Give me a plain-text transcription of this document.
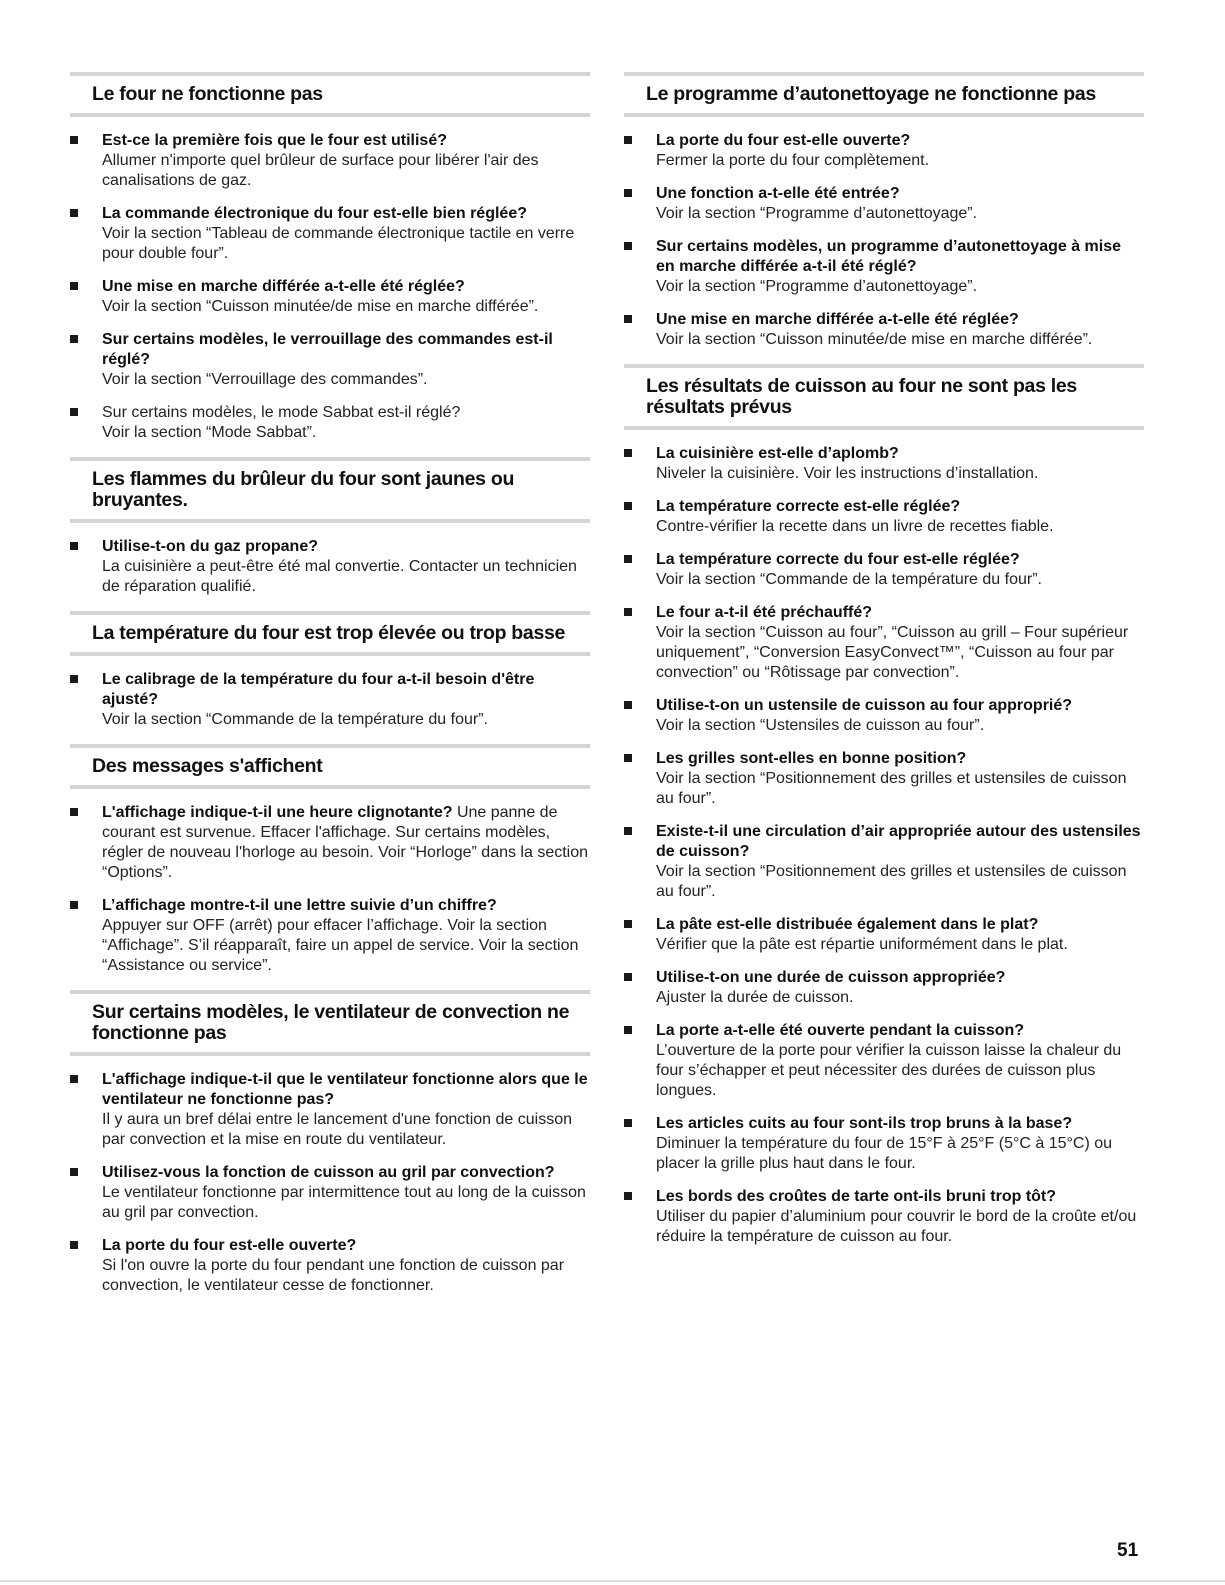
Le four ne fonctionne pas
Est-ce la première fois que le four est utilisé?
Allumer n'importe quel brûleur de surface pour libérer l'air des canalisations de gaz.
La commande électronique du four est-elle bien réglée?
Voir la section “Tableau de commande électronique tactile en verre pour double four”.
Une mise en marche différée a-t-elle été réglée?
Voir la section “Cuisson minutée/de mise en marche différée”.
Sur certains modèles, le verrouillage des commandes est-il réglé?
Voir la section “Verrouillage des commandes”.
Sur certains modèles, le mode Sabbat est-il réglé?
Voir la section “Mode Sabbat”.
Les flammes du brûleur du four sont jaunes ou bruyantes.
Utilise-t-on du gaz propane?
La cuisinière a peut-être été mal convertie. Contacter un technicien de réparation qualifié.
La température du four est trop élevée ou trop basse
Le calibrage de la température du four a-t-il besoin d'être ajusté?
Voir la section “Commande de la température du four”.
Des messages s'affichent
L'affichage indique-t-il une heure clignotante? Une panne de courant est survenue. Effacer l'affichage. Sur certains modèles, régler de nouveau l'horloge au besoin. Voir “Horloge” dans la section “Options”.
L’affichage montre-t-il une lettre suivie d’un chiffre?
Appuyer sur OFF (arrêt) pour effacer l’affichage. Voir la section “Affichage”. S’il réapparaît, faire un appel de service. Voir la section “Assistance ou service”.
Sur certains modèles, le ventilateur de convection ne fonctionne pas
L'affichage indique-t-il que le ventilateur fonctionne alors que le ventilateur ne fonctionne pas?
Il y aura un bref délai entre le lancement d'une fonction de cuisson par convection et la mise en route du ventilateur.
Utilisez-vous la fonction de cuisson au gril par convection?
Le ventilateur fonctionne par intermittence tout au long de la cuisson au gril par convection.
La porte du four est-elle ouverte?
Si l'on ouvre la porte du four pendant une fonction de cuisson par convection, le ventilateur cesse de fonctionner.
Le programme d’autonettoyage ne fonctionne pas
La porte du four est-elle ouverte?
Fermer la porte du four complètement.
Une fonction a-t-elle été entrée?
Voir la section “Programme d’autonettoyage”.
Sur certains modèles, un programme d’autonettoyage à mise en marche différée a-t-il été réglé?
Voir la section “Programme d’autonettoyage”.
Une mise en marche différée a-t-elle été réglée?
Voir la section “Cuisson minutée/de mise en marche différée”.
Les résultats de cuisson au four ne sont pas les résultats prévus
La cuisinière est-elle d’aplomb?
Niveler la cuisinière. Voir les instructions d’installation.
La température correcte est-elle réglée?
Contre-vérifier la recette dans un livre de recettes fiable.
La température correcte du four est-elle réglée?
Voir la section “Commande de la température du four”.
Le four a-t-il été préchauffé?
Voir la section “Cuisson au four”, “Cuisson au grill – Four supérieur uniquement”, “Conversion EasyConvect™”, “Cuisson au four par convection” ou “Rôtissage par convection”.
Utilise-t-on un ustensile de cuisson au four approprié?
Voir la section “Ustensiles de cuisson au four”.
Les grilles sont-elles en bonne position?
Voir la section “Positionnement des grilles et ustensiles de cuisson au four”.
Existe-t-il une circulation d’air appropriée autour des ustensiles de cuisson?
Voir la section “Positionnement des grilles et ustensiles de cuisson au four”.
La pâte est-elle distribuée également dans le plat?
Vérifier que la pâte est répartie uniformément dans le plat.
Utilise-t-on une durée de cuisson appropriée?
Ajuster la durée de cuisson.
La porte a-t-elle été ouverte pendant la cuisson?
L’ouverture de la porte pour vérifier la cuisson laisse la chaleur du four s’échapper et peut nécessiter des durées de cuisson plus longues.
Les articles cuits au four sont-ils trop bruns à la base?
Diminuer la température du four de 15°F à 25°F (5°C à 15°C) ou placer la grille plus haut dans le four.
Les bords des croûtes de tarte ont-ils bruni trop tôt?
Utiliser du papier d’aluminium pour couvrir le bord de la croûte et/ou réduire la température de cuisson au four.
51
